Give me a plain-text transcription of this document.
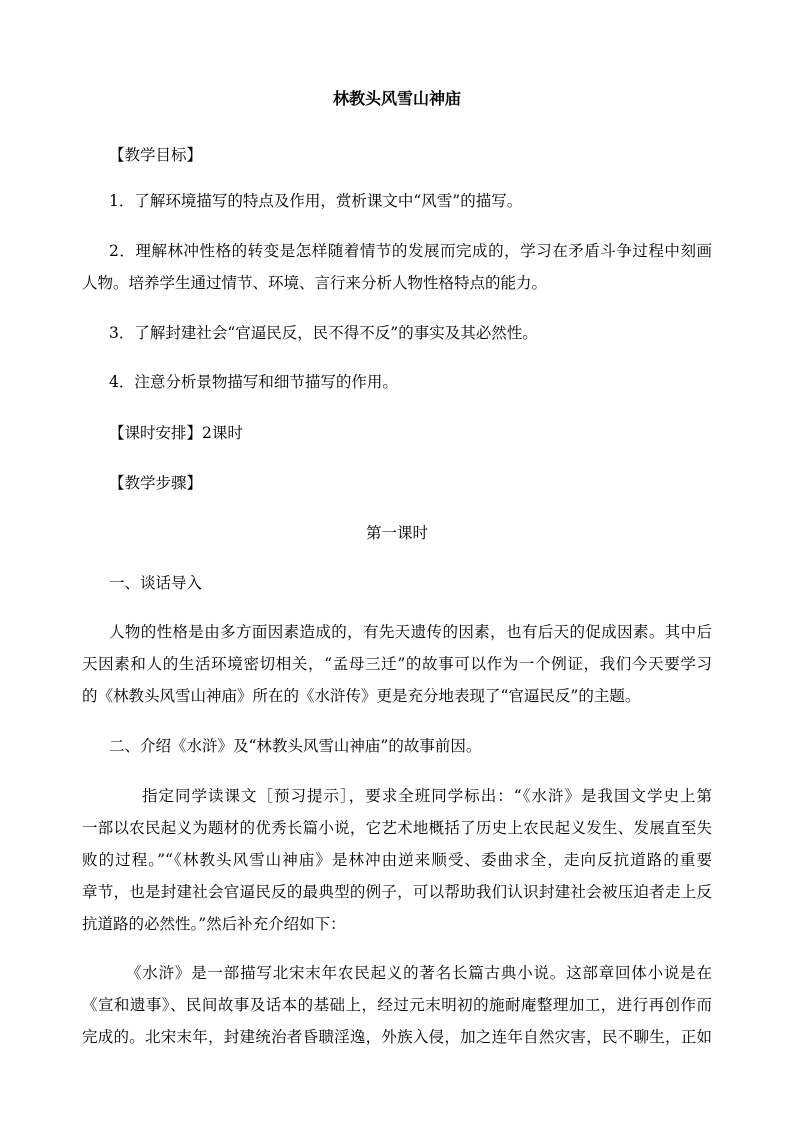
林教头风雪山神庙
【教学目标】
1．了解环境描写的特点及作用，赏析课文中“风雪”的描写。
2．理解林冲性格的转变是怎样随着情节的发展而完成的，学习在矛盾斗争过程中刻画
人物。培养学生通过情节、环境、言行来分析人物性格特点的能力。
3．了解封建社会“官逼民反，民不得不反”的事实及其必然性。
4．注意分析景物描写和细节描写的作用。
【课时安排】2课时
【教学步骤】
第一课时
一、谈话导入
人物的性格是由多方面因素造成的，有先天遗传的因素，也有后天的促成因素。其中后
天因素和人的生活环境密切相关，“孟母三迁”的故事可以作为一个例证，我们今天要学习
的《林教头风雪山神庙》所在的《水浒传》更是充分地表现了“官逼民反”的主题。
二、介绍《水浒》及“林教头风雪山神庙”的故事前因。
指定同学读课文［预习提示］，要求全班同学标出：“《水浒》是我国文学史上第
一部以农民起义为题材的优秀长篇小说，它艺术地概括了历史上农民起义发生、发展直至失
败的过程。”“《林教头风雪山神庙》是林冲由逆来顺受、委曲求全，走向反抗道路的重要
章节，也是封建社会官逼民反的最典型的例子，可以帮助我们认识封建社会被压迫者走上反
抗道路的必然性。”然后补充介绍如下：
《水浒》是一部描写北宋末年农民起义的著名长篇古典小说。这部章回体小说是在
《宣和遗事》、民间故事及话本的基础上，经过元末明初的施耐庵整理加工，进行再创作而
完成的。北宋末年，封建统治者昏聩淫逸，外族入侵，加之连年自然灾害，民不聊生，正如
